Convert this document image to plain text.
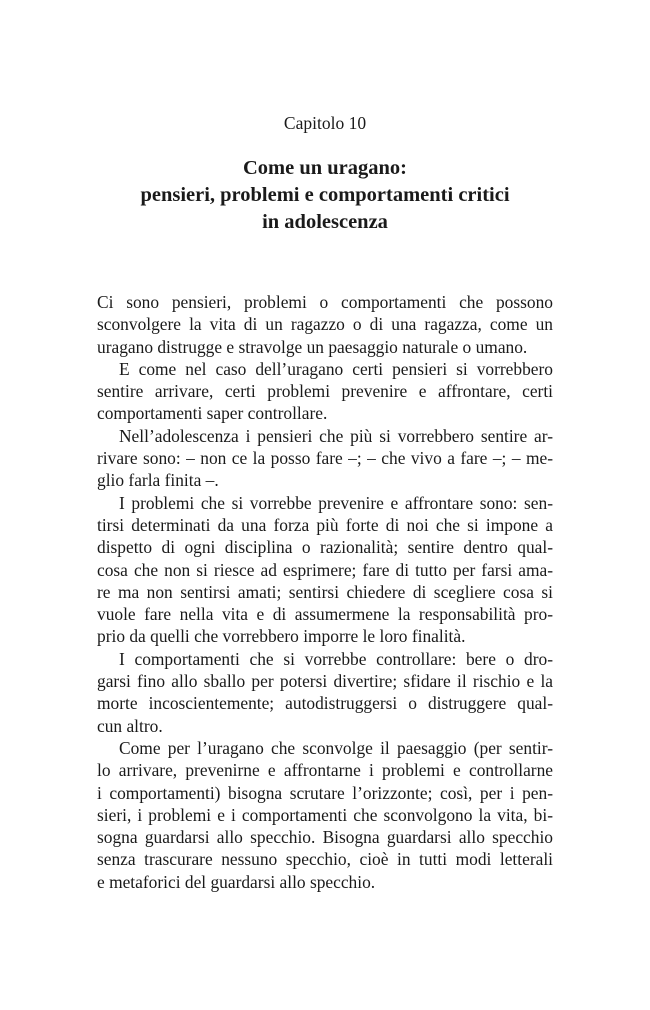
Capitolo 10
Come un uragano:
pensieri, problemi e comportamenti critici
in adolescenza
Ci sono pensieri, problemi o comportamenti che possono
sconvolgere la vita di un ragazzo o di una ragazza, come un
uragano distrugge e stravolge un paesaggio naturale o umano.
E come nel caso dell’uragano certi pensieri si vorrebbero
sentire arrivare, certi problemi prevenire e affrontare, certi
comportamenti saper controllare.
Nell’adolescenza i pensieri che più si vorrebbero sentire ar-
rivare sono: – non ce la posso fare –; – che vivo a fare –; – me-
glio farla finita –.
I problemi che si vorrebbe prevenire e affrontare sono: sen-
tirsi determinati da una forza più forte di noi che si impone a
dispetto di ogni disciplina o razionalità; sentire dentro qual-
cosa che non si riesce ad esprimere; fare di tutto per farsi ama-
re ma non sentirsi amati; sentirsi chiedere di scegliere cosa si
vuole fare nella vita e di assumermene la responsabilità pro-
prio da quelli che vorrebbero imporre le loro finalità.
I comportamenti che si vorrebbe controllare: bere o dro-
garsi fino allo sballo per potersi divertire; sfidare il rischio e la
morte incoscientemente; autodistruggersi o distruggere qual-
cun altro.
Come per l’uragano che sconvolge il paesaggio (per sentir-
lo arrivare, prevenirne e affrontarne i problemi e controllarne
i comportamenti) bisogna scrutare l’orizzonte; così, per i pen-
sieri, i problemi e i comportamenti che sconvolgono la vita, bi-
sogna guardarsi allo specchio. Bisogna guardarsi allo specchio
senza trascurare nessuno specchio, cioè in tutti modi letterali
e metaforici del guardarsi allo specchio.
